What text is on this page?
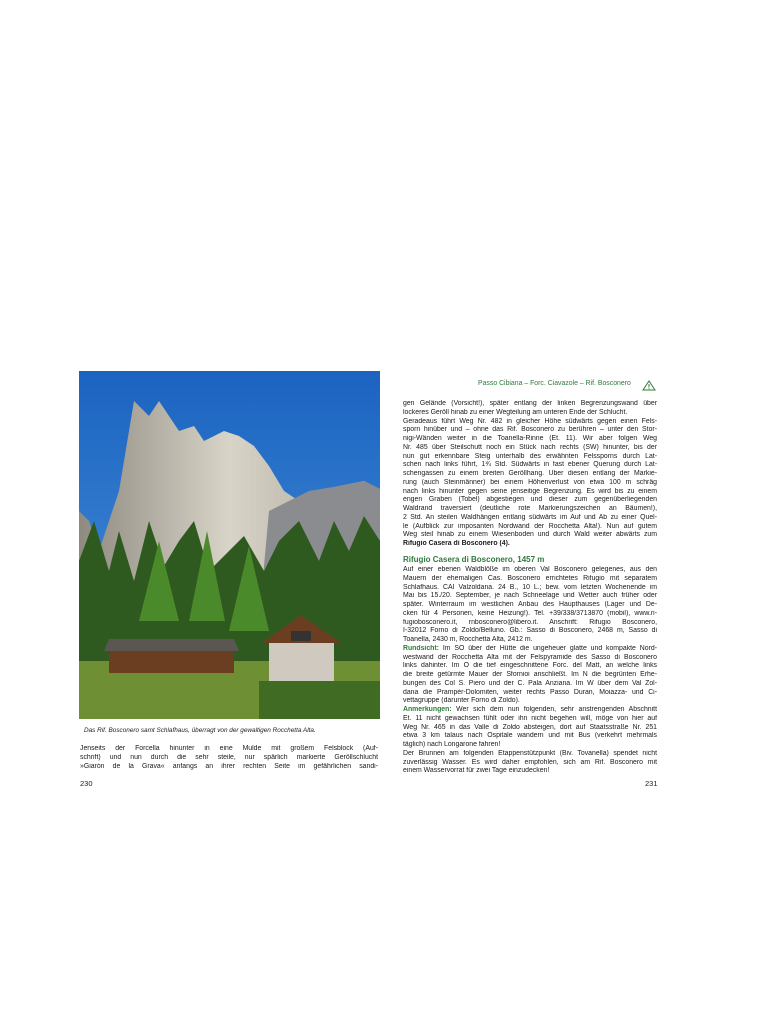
Das Rif. Bosconero samt Schlafhaus, überragt von der gewaltigen Rocchetta Alta.
Jenseits der Forcella hinunter in eine Mulde mit großem Felsblock (Auf-
schrift) und nun durch die sehr steile, nur spärlich markierte Geröllschlucht
»Giarón de la Grava« anfangs an ihrer rechten Seite im gefährlichen sandi-
230
Passo Cibiana – Forc. Ciavazole – Rif. Bosconero
gen Gelände (Vorsicht!), später entlang der linken Begrenzungswand über
lockeres Geröll hinab zu einer Wegteilung am unteren Ende der Schlucht.
Geradeaus führt Weg Nr. 482 in gleicher Höhe südwärts gegen einen Fels-
sporn hinüber und – ohne das Rif. Bosconero zu berühren – unter den Stor-
nigi-Wänden weiter in die Toanella-Rinne (Et. 11). Wir aber folgen Weg
Nr. 485 über Steilschutt noch ein Stück nach rechts (SW) hinunter, bis der
nun gut erkennbare Steig unterhalb des erwähnten Felssporns durch Lat-
schen nach links führt, 1¾ Std. Südwärts in fast ebener Querung durch Lat-
schengassen zu einem breiten Geröllhang. Über diesen entlang der Markie-
rung (auch Steinmänner) bei einem Höhenverlust von etwa 100 m schräg
nach links hinunter gegen seine jenseitige Begrenzung. Es wird bis zu einem
engen Graben (Tobel) abgestiegen und dieser zum gegenüberliegenden
Waldrand traversiert (deutliche rote Markierungszeichen an Bäumen!),
2 Std. An steilen Waldhängen entlang südwärts im Auf und Ab zu einer Quel-
le (Aufblick zur imposanten Nordwand der Rocchetta Alta!). Nun auf gutem
Weg steil hinab zu einem Wiesenboden und durch Wald weiter abwärts zum
Rifugio Casera di Bosconero (4).
Rifugio Casera di Bosconero, 1457 m
Auf einer ebenen Waldblöße im oberen Val Bosconero gelegenes, aus den
Mauern der ehemaligen Cas. Bosconero errichtetes Rifugio mit separatem
Schlafhaus. CAI Valzoldana. 24 B., 10 L.; bew. vom letzten Wochenende im
Mai bis 15./20. September, je nach Schneelage und Wetter auch früher oder
später. Winterraum im westlichen Anbau des Haupthauses (Lager und De-
cken für 4 Personen, keine Heizung!). Tel. +39/338/3713870 (mobil), www.ri-
fugiobosconero.it, rnbosconero@libero.it. Anschrift: Rifugio Bosconero,
I-32012 Forno di Zoldo/Belluno. Gb.: Sasso di Bosconero, 2468 m, Sasso di
Toanella, 2430 m, Rocchetta Alta, 2412 m.
Rundsicht: Im SO über der Hütte die ungeheuer glatte und kompakte Nord-
westwand der Rocchetta Alta mit der Felspyramide des Sasso di Bosconero
links dahinter. Im O die tief eingeschnittene Forc. del Matt, an welche links
die breite getürmte Mauer der Sfornioi anschließt. Im N die begrünten Erhe-
bungen des Col S. Piero und der C. Pala Anziana. Im W über dem Val Zol-
dana die Prampèr-Dolomiten, weiter rechts Passo Duran, Moiazza- und Ci-
vettagruppe (darunter Forno di Zoldo).
Anmerkungen: Wer sich dem nun folgenden, sehr anstrengenden Abschnitt
Et. 11 nicht gewachsen fühlt oder ihn nicht begehen will, möge von hier auf
Weg Nr. 465 in das Valle di Zoldo absteigen, dort auf Staatsstraße Nr. 251
etwa 3 km talaus nach Ospitale wandern und mit Bus (verkehrt mehrmals
täglich) nach Longarone fahren!
Der Brunnen am folgenden Etappenstützpunkt (Biv. Tovanella) spendet nicht
zuverlässig Wasser. Es wird daher empfohlen, sich am Rif. Bosconero mit
einem Wasservorrat für zwei Tage einzudecken!
231
